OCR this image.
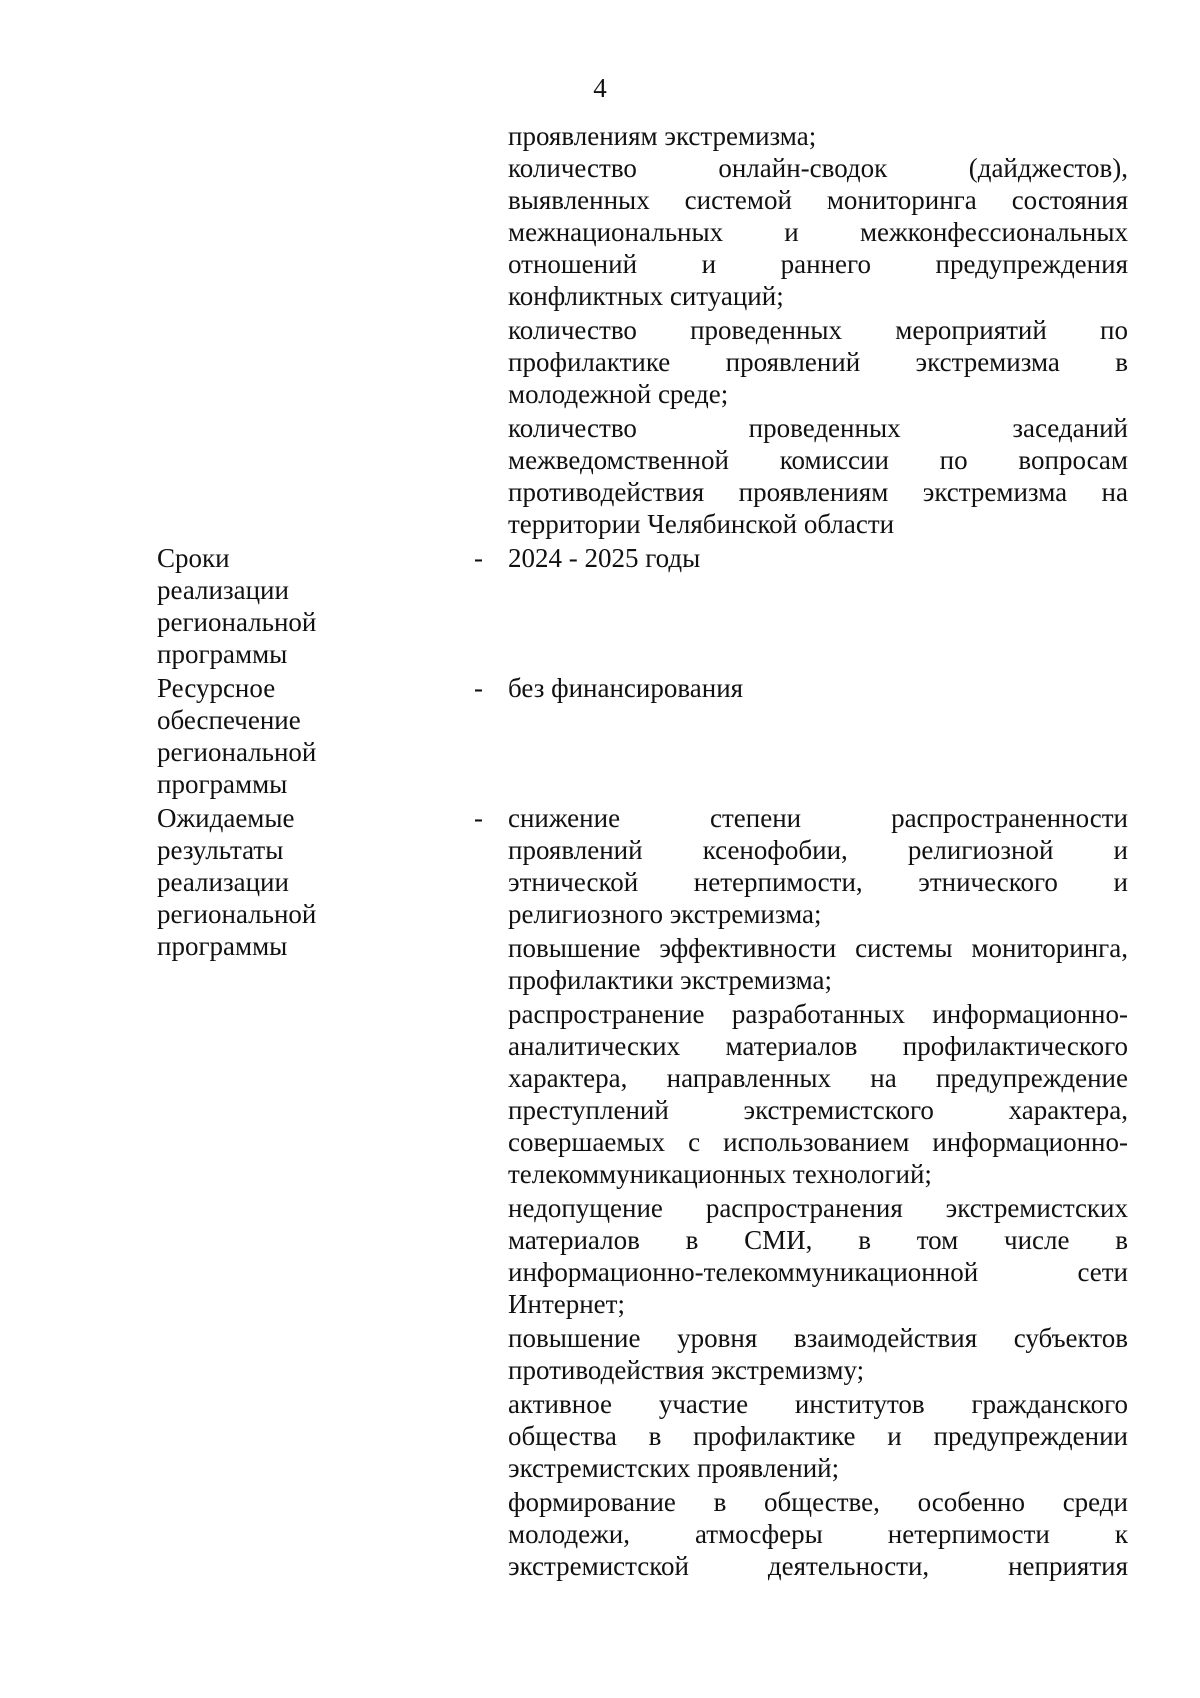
4
проявлениям экстремизма;
количество онлайн-сводок (дайджестов),
выявленных системой мониторинга состояния
межнациональных и межконфессиональных
отношений и раннего предупреждения
конфликтных ситуаций;
количество проведенных мероприятий по
профилактике проявлений экстремизма в
молодежной среде;
количество проведенных заседаний
межведомственной комиссии по вопросам
противодействия проявлениям экстремизма на
территории Челябинской области
Сроки
реализации
региональной
программы
- 2024 - 2025 годы
Ресурсное
обеспечение
региональной
программы
- без финансирования
Ожидаемые
результаты
реализации
региональной
программы
- снижение степени распространенности
проявлений ксенофобии, религиозной и
этнической нетерпимости, этнического и
религиозного экстремизма;
повышение эффективности системы мониторинга,
профилактики экстремизма;
распространение разработанных информационно-
аналитических материалов профилактического
характера, направленных на предупреждение
преступлений экстремистского характера,
совершаемых с использованием информационно-
телекоммуникационных технологий;
недопущение распространения экстремистских
материалов в СМИ, в том числе в
информационно-телекоммуникационной сети
Интернет;
повышение уровня взаимодействия субъектов
противодействия экстремизму;
активное участие институтов гражданского
общества в профилактике и предупреждении
экстремистских проявлений;
формирование в обществе, особенно среди
молодежи, атмосферы нетерпимости к
экстремистской деятельности, неприятия
